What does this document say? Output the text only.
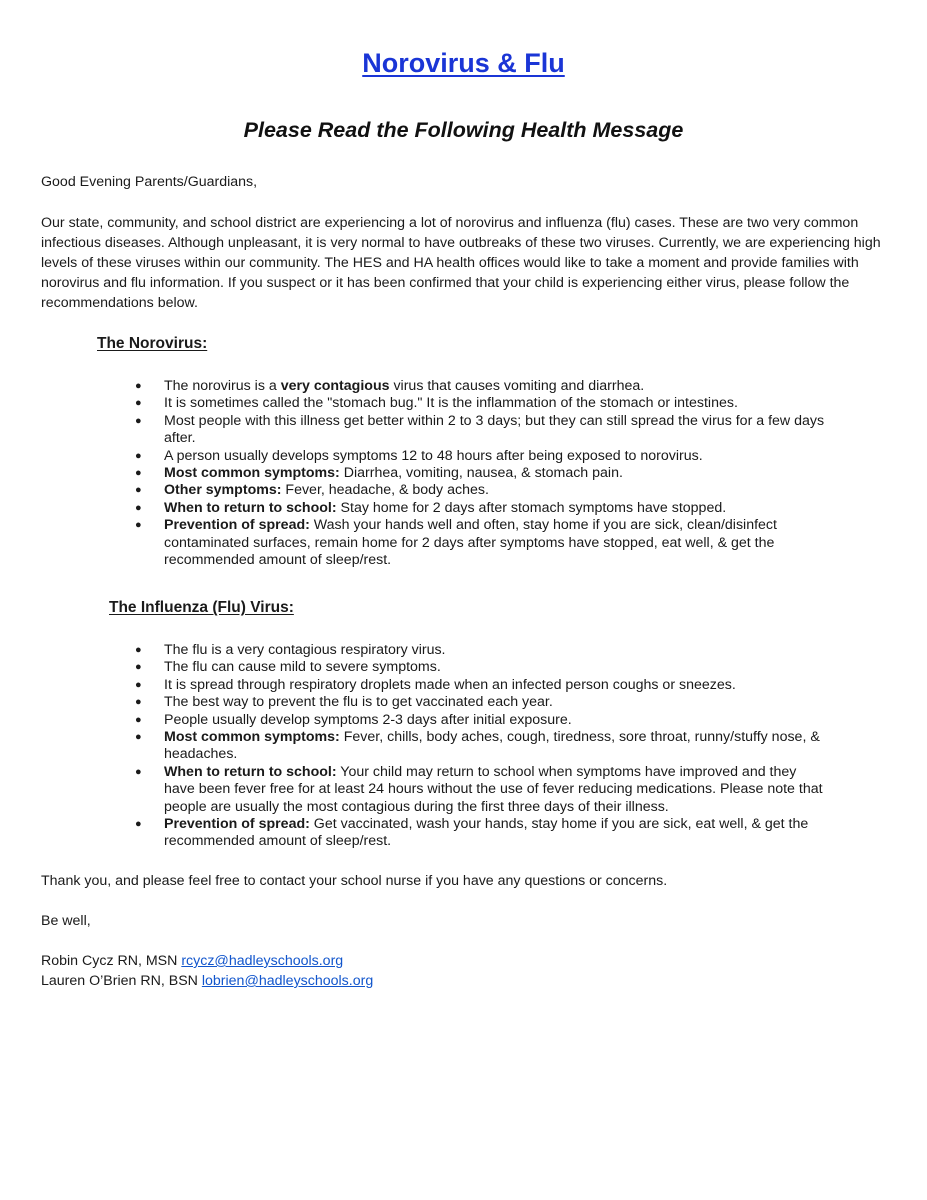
Norovirus & Flu
Please Read the Following Health Message
Good Evening Parents/Guardians,
Our state, community, and school district are experiencing a lot of norovirus and influenza (flu) cases. These are two very common infectious diseases. Although unpleasant, it is very normal to have outbreaks of these two viruses. Currently, we are experiencing high levels of these viruses within our community. The HES and HA health offices would like to take a moment and provide families with norovirus and flu information. If you suspect or it has been confirmed that your child is experiencing either virus, please follow the recommendations below.
The Norovirus:
● The norovirus is a very contagious virus that causes vomiting and diarrhea.
● It is sometimes called the "stomach bug." It is the inflammation of the stomach or intestines.
● Most people with this illness get better within 2 to 3 days; but they can still spread the virus for a few days after.
● A person usually develops symptoms 12 to 48 hours after being exposed to norovirus.
● Most common symptoms: Diarrhea, vomiting, nausea, & stomach pain.
● Other symptoms: Fever, headache, & body aches.
● When to return to school: Stay home for 2 days after stomach symptoms have stopped.
● Prevention of spread: Wash your hands well and often, stay home if you are sick, clean/disinfect contaminated surfaces, remain home for 2 days after symptoms have stopped, eat well, & get the recommended amount of sleep/rest.
The Influenza (Flu) Virus:
● The flu is a very contagious respiratory virus.
● The flu can cause mild to severe symptoms.
● It is spread through respiratory droplets made when an infected person coughs or sneezes.
● The best way to prevent the flu is to get vaccinated each year.
● People usually develop symptoms 2-3 days after initial exposure.
● Most common symptoms: Fever, chills, body aches, cough, tiredness, sore throat, runny/stuffy nose, & headaches.
● When to return to school: Your child may return to school when symptoms have improved and they have been fever free for at least 24 hours without the use of fever reducing medications. Please note that people are usually the most contagious during the first three days of their illness.
● Prevention of spread: Get vaccinated, wash your hands, stay home if you are sick, eat well, & get the recommended amount of sleep/rest.
Thank you, and please feel free to contact your school nurse if you have any questions or concerns.
Be well,
Robin Cycz RN, MSN rcycz@hadleyschools.org
Lauren O’Brien RN, BSN lobrien@hadleyschools.org
